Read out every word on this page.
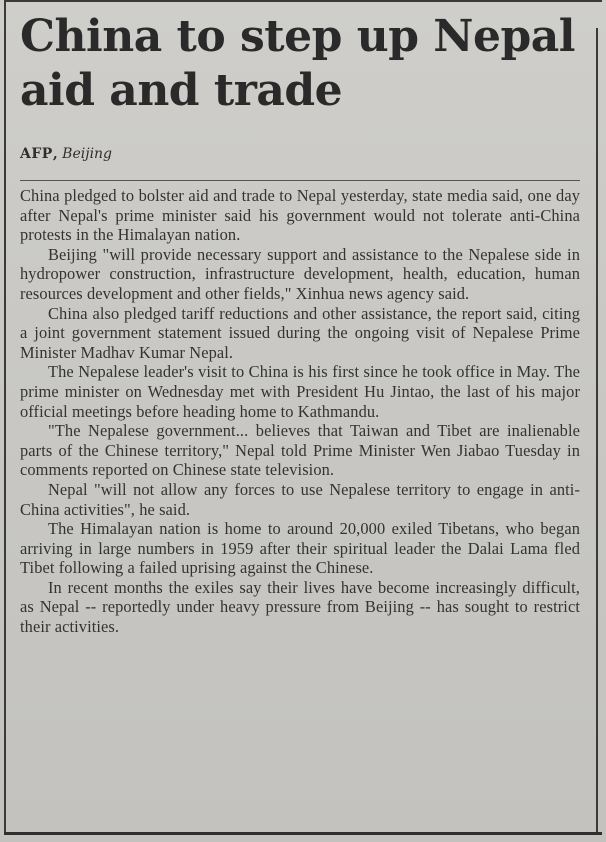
China to step up Nepal aid and trade
AFP, Beijing

China pledged to bolster aid and trade to Nepal yesterday, state media said, one day after Nepal's prime minister said his government would not tolerate anti-China protests in the Himalayan nation.

Beijing "will provide necessary support and assistance to the Nepalese side in hydropower construction, infrastructure development, health, education, human resources development and other fields," Xinhua news agency said.

China also pledged tariff reductions and other assistance, the report said, citing a joint government statement issued during the ongoing visit of Nepalese Prime Minister Madhav Kumar Nepal.

The Nepalese leader's visit to China is his first since he took office in May. The prime minister on Wednesday met with President Hu Jintao, the last of his major official meetings before heading home to Kathmandu.

"The Nepalese government... believes that Taiwan and Tibet are inalienable parts of the Chinese territory," Nepal told Prime Minister Wen Jiabao Tuesday in comments reported on Chinese state television.

Nepal "will not allow any forces to use Nepalese territory to engage in anti-China activities", he said.

The Himalayan nation is home to around 20,000 exiled Tibetans, who began arriving in large numbers in 1959 after their spiritual leader the Dalai Lama fled Tibet following a failed uprising against the Chinese.

In recent months the exiles say their lives have become increasingly difficult, as Nepal -- reportedly under heavy pressure from Beijing -- has sought to restrict their activities.
